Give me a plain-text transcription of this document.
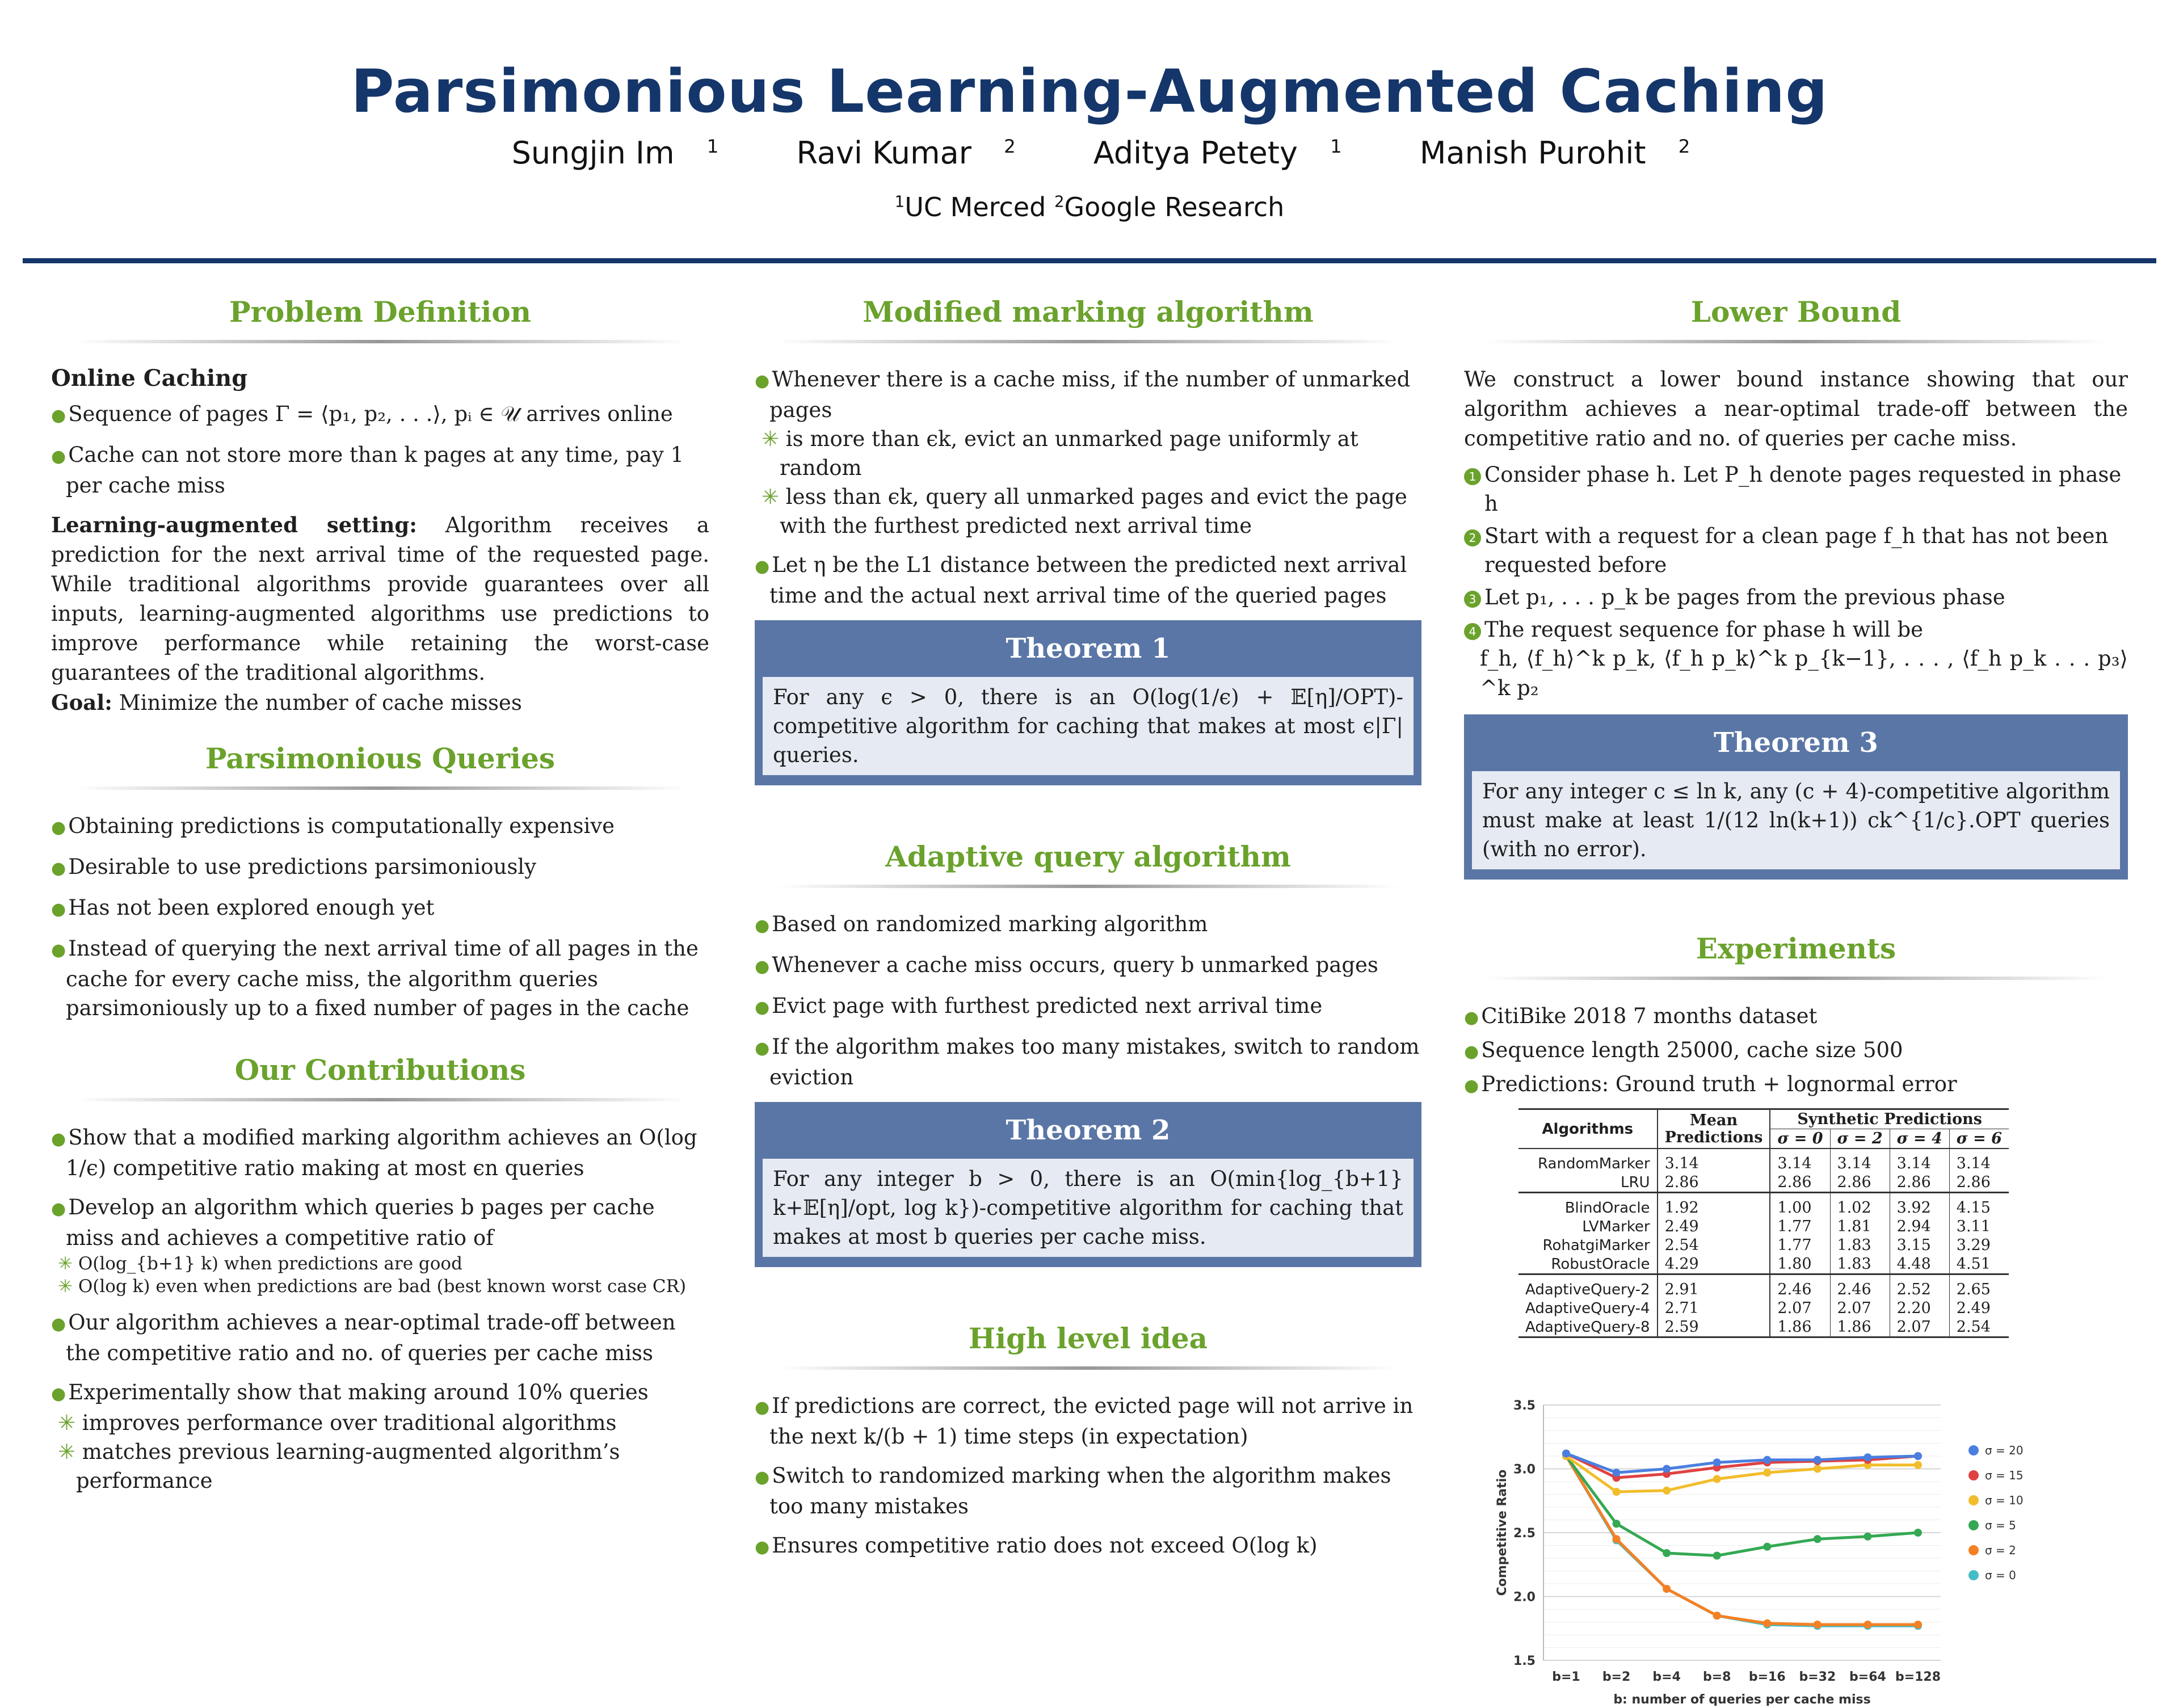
Parsimonious Learning-Augmented Caching
Sungjin Im $^1$	Ravi Kumar $^2$	Aditya Petety $^1$	Manish Purohit $^2$
$^1$UC Merced $^2$Google Research
Problem Definition

Online Caching

● Sequence of pages Γ = ⟨p₁, p₂, . . .⟩, pᵢ ∈ 𝒰 arrives online
● Cache can not store more than k pages at any time, pay 1 per cache miss

Learning-augmented setting: Algorithm receives a prediction for the next arrival time of the requested page. While traditional algorithms provide guarantees over all inputs, learning-augmented algorithms use predictions to improve performance while retaining the worst-case guarantees of the traditional algorithms.

Goal: Minimize the number of cache misses

Parsimonious Queries
● Obtaining predictions is computationally expensive
● Desirable to use predictions parsimoniously
● Has not been explored enough yet
● Instead of querying the next arrival time of all pages in the cache for every cache miss, the algorithm queries parsimoniously up to a fixed number of pages in the cache
Our Contributions
● Show that a modified marking algorithm achieves an O(log 1/ϵ) competitive ratio making at most ϵn queries
● Develop an algorithm which queries b pages per cache miss and achieves a competitive ratio of

✳ O(log_{b+1} k) when predictions are good

✳ O(log k) even when predictions are bad (best known worst case CR)

● Our algorithm achieves a near-optimal trade-off between the competitive ratio and no. of queries per cache miss
● Experimentally show that making around 10% queries

✳ improves performance over traditional algorithms

✳ matches previous learning-augmented algorithm’s performance

Modified marking algorithm
● Whenever there is a cache miss, if the number of unmarked pages

✳ is more than ϵk, evict an unmarked page uniformly at random

✳ less than ϵk, query all unmarked pages and evict the page with the furthest predicted next arrival time

● Let η be the L1 distance between the predicted next arrival time and the actual next arrival time of the queried pages
Theorem 1
For any ϵ > 0, there is an O(log(1/ϵ) + 𝔼[η]/OPT)-competitive algorithm for caching that makes at most ϵ|Γ| queries.
Adaptive query algorithm
● Based on randomized marking algorithm
● Whenever a cache miss occurs, query b unmarked pages
● Evict page with furthest predicted next arrival time
● If the algorithm makes too many mistakes, switch to random eviction
Theorem 2
For any integer b > 0, there is an O(min{log_{b+1} k+𝔼[η]/opt, log k})-competitive algorithm for caching that makes at most b queries per cache miss.
High level idea
● If predictions are correct, the evicted page will not arrive in the next k/(b + 1) time steps (in expectation)
● Switch to randomized marking when the algorithm makes too many mistakes
● Ensures competitive ratio does not exceed O(log k)
Lower Bound

We construct a lower bound instance showing that our algorithm achieves a near-optimal trade-off between the competitive ratio and no. of queries per cache miss.

1 Consider phase h. Let P_h denote pages requested in phase h
2 Start with a request for a clean page f_h that has not been requested before
3 Let p₁, . . . p_k be pages from the previous phase
4 The request sequence for phase h will be

f_h, ⟨f_h⟩^k p_k, ⟨f_h p_k⟩^k p_{k−1}, . . . , ⟨f_h p_k . . . p₃⟩^k p₂

Theorem 3
For any integer c ≤ ln k, any (c + 4)-competitive algorithm must make at least 1/(12 ln(k+1)) ck^{1/c}.OPT queries (with no error).
Experiments
● CitiBike 2018 7 months dataset
● Sequence length 25000, cache size 500
● Predictions: Ground truth + lognormal error
Algorithms	Mean Predictions	Synthetic Predictions			
		σ = 0	σ = 2	σ = 4	σ = 6
RandomMarker	3.14	3.14	3.14	3.14	3.14
LRU	2.86	2.86	2.86	2.86	2.86
BlindOracle	1.92	1.00	1.02	3.92	4.15
LVMarker	2.49	1.77	1.81	2.94	3.11
RohatgiMarker	2.54	1.77	1.83	3.15	3.29
RobustOracle	4.29	1.80	1.83	4.48	4.51
AdaptiveQuery-2	2.91	2.46	2.46	2.52	2.65
AdaptiveQuery-4	2.71	2.07	2.07	2.20	2.49
AdaptiveQuery-8	2.59	1.86	1.86	2.07	2.54
1.5
2.0
2.5
3.0
3.5
b=1 b=2 b=4 b=8 b=16 b=32 b=64 b=128
b: number of queries per cache miss
Competitive Ratio
σ = 20
σ = 15
σ = 10
σ = 5
σ = 2
σ = 0
